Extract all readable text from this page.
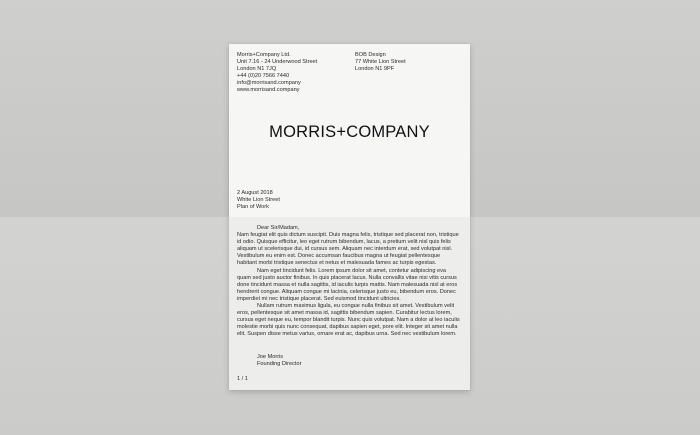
Morris+Company Ltd.
Unit 7.16 - 24 Underwood Street
London N1 7JQ
+44 (0)20 7566 7440
info@morrisand.company
www.morrisand.company
BOB Design
77 White Lion Street
London N1 9PF
MORRIS+COMPANY
2 August 2018
White Lion Street
Plan of Work

Dear Sir/Madam,

Nam feugiat elit quis dictum suscipit. Duis magna felis, tristique sed placerat non, tristique id odio. Quisque efficitur, leo eget rutrum bibendum, lacus, a pretium velit nisl quis felis aliquam ut scelerisque dui, id cursus sem. Aliquam nec interdum erat, sed volutpat nisl. Vestibulum eu enim est. Donec accumsan faucibus magna ut feugiat pellentesque habitant morbi tristique senectus et netus et malesuada fames ac turpis egestas.

Nam eget tincidunt felis. Lorem ipsum dolor sit amet, contetur adipiscing eva quam sed justo auctor finibus. In quis placerat lacus. Nulla convallis vitae nisi vitis cursus done tincidunt massa et nulla sagittis, id iaculis turpis mattis. Nam malesuada nisl at eros hendrerit congue. Aliquam congue mi lacinia, celerisque justo eu, bibendum eros. Donec imperdiet mi nec tristique placerat. Sed euismod tincidunt ultricies.

Nullam rutrum maximus ligula, eu congue nulla finibus sit amet. Vestibulum velit eros, pellentesque sit amet massa id, sagittis bibendum sapien. Curabitur lectus lorem, cursus eget neque eu, tempor blandit turpis. Nunc quis volutpat. Nam a dolor at leo iaculis molestie morbi quis nunc consequat, dapibus sapien eget, pore elit. Integer sit amet nulla elit. Suspen disse metus varius, ornare erat ac, dapibus urna. Sed nec vestibulum lorem.

Joe Morris
Founding Director
1 / 1
